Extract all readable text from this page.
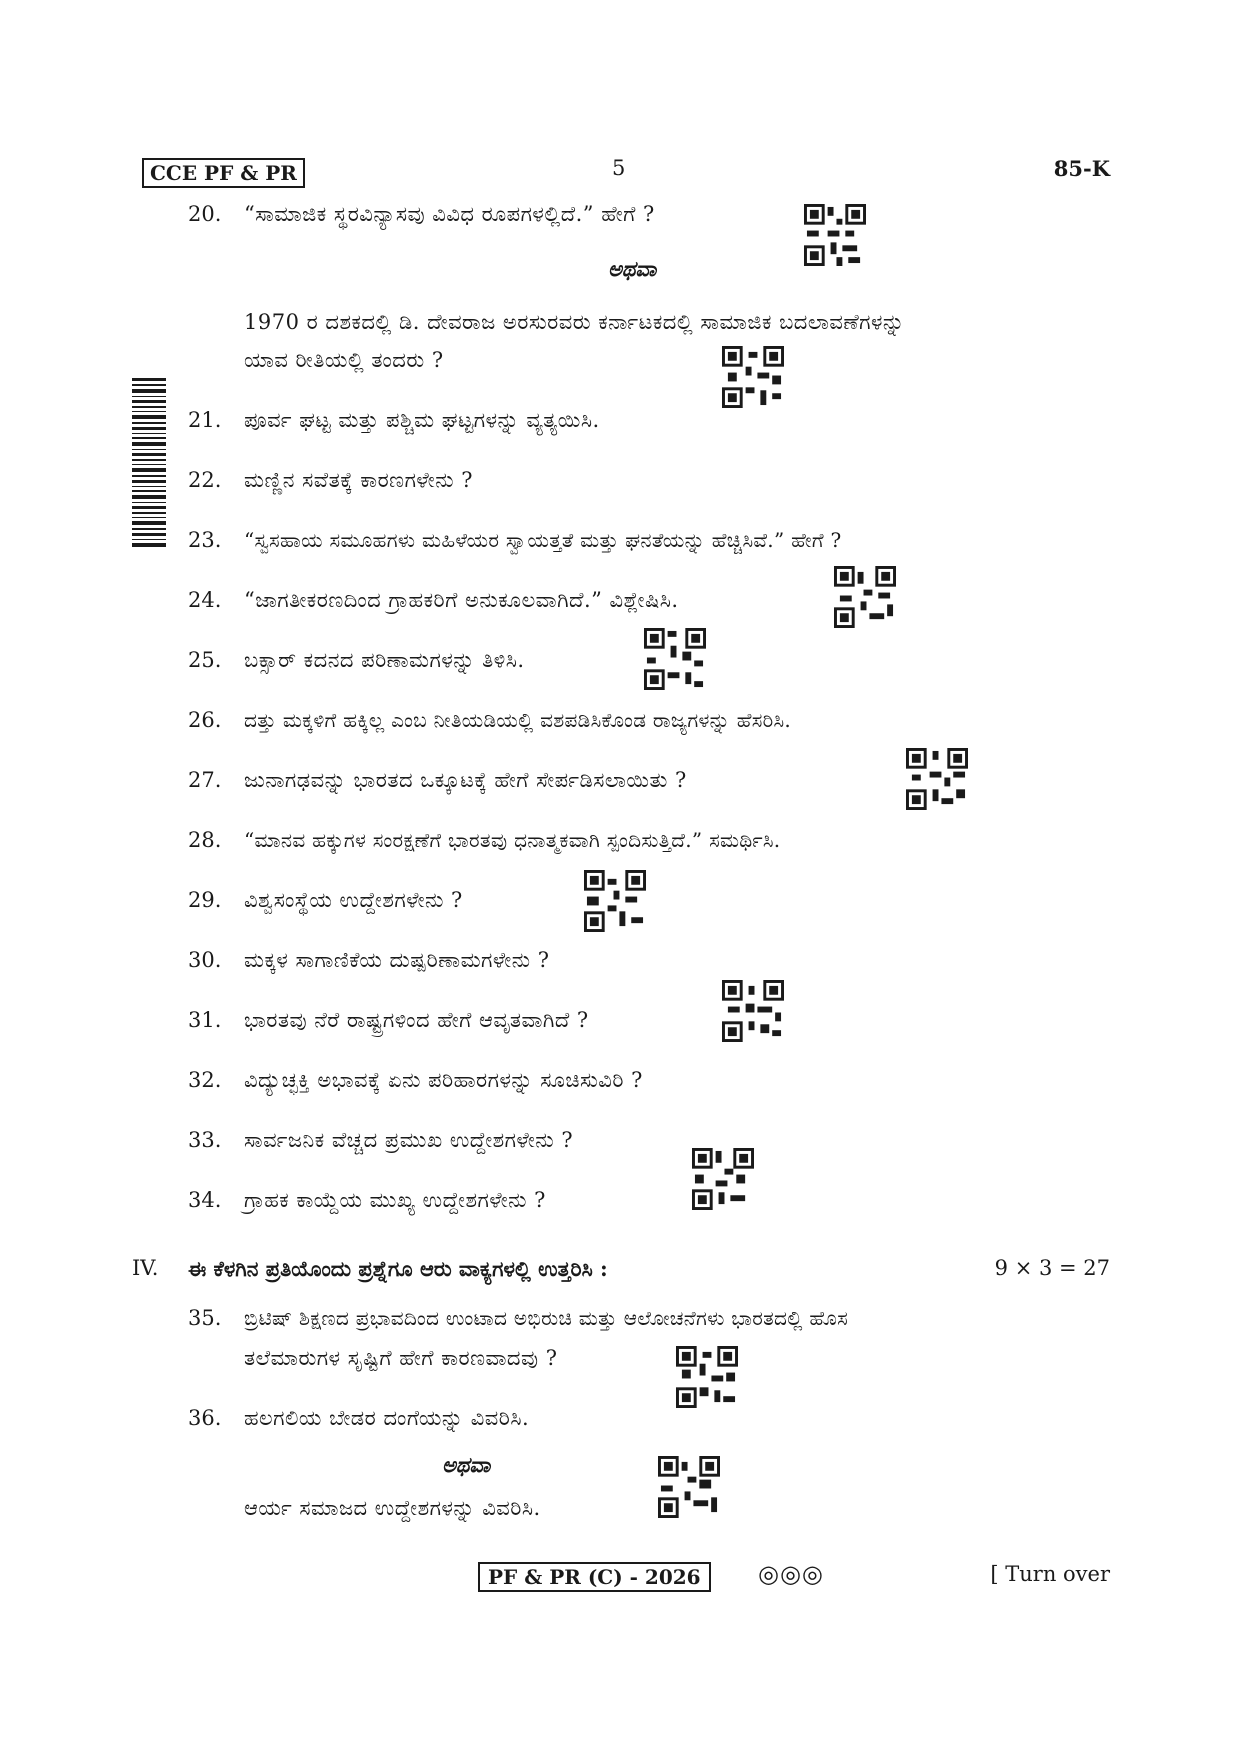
CCE PF & PR	5	85-K
20.	“ಸಾಮಾಜಿಕ ಸ್ಥರವಿನ್ಯಾಸವು ವಿವಿಧ ರೂಪಗಳಲ್ಲಿದೆ.” ಹೇಗೆ ?
ಅಥವಾ
1970 ರ ದಶಕದಲ್ಲಿ ಡಿ. ದೇವರಾಜ ಅರಸುರವರು ಕರ್ನಾಟಕದಲ್ಲಿ ಸಾಮಾಜಿಕ ಬದಲಾವಣೆಗಳನ್ನು
ಯಾವ ರೀತಿಯಲ್ಲಿ ತಂದರು ?
21.	ಪೂರ್ವ ಘಟ್ಟ ಮತ್ತು ಪಶ್ಚಿಮ ಘಟ್ಟಗಳನ್ನು ವ್ಯತ್ಯಯಿಸಿ.
22.	ಮಣ್ಣಿನ ಸವೆತಕ್ಕೆ ಕಾರಣಗಳೇನು ?
23.	“ಸ್ವಸಹಾಯ ಸಮೂಹಗಳು ಮಹಿಳೆಯರ ಸ್ವಾಯತ್ತತೆ ಮತ್ತು ಘನತೆಯನ್ನು ಹೆಚ್ಚಿಸಿವೆ.” ಹೇಗೆ ?
24.	“ಜಾಗತೀಕರಣದಿಂದ ಗ್ರಾಹಕರಿಗೆ ಅನುಕೂಲವಾಗಿದೆ.” ವಿಶ್ಲೇಷಿಸಿ.
25.	ಬಕ್ಸಾರ್ ಕದನದ ಪರಿಣಾಮಗಳನ್ನು ತಿಳಿಸಿ.
26.	ದತ್ತು ಮಕ್ಕಳಿಗೆ ಹಕ್ಕಿಲ್ಲ ಎಂಬ ನೀತಿಯಡಿಯಲ್ಲಿ ವಶಪಡಿಸಿಕೊಂಡ ರಾಜ್ಯಗಳನ್ನು ಹೆಸರಿಸಿ.
27.	ಜುನಾಗಢವನ್ನು ಭಾರತದ ಒಕ್ಕೂಟಕ್ಕೆ ಹೇಗೆ ಸೇರ್ಪಡಿಸಲಾಯಿತು ?
28.	“ಮಾನವ ಹಕ್ಕುಗಳ ಸಂರಕ್ಷಣೆಗೆ ಭಾರತವು ಧನಾತ್ಮಕವಾಗಿ ಸ್ಪಂದಿಸುತ್ತಿದೆ.” ಸಮರ್ಥಿಸಿ.
29.	ವಿಶ್ವಸಂಸ್ಥೆಯ ಉದ್ದೇಶಗಳೇನು ?
30.	ಮಕ್ಕಳ ಸಾಗಾಣಿಕೆಯ ದುಷ್ಪರಿಣಾಮಗಳೇನು ?
31.	ಭಾರತವು ನೆರೆ ರಾಷ್ಟ್ರಗಳಿಂದ ಹೇಗೆ ಆವೃತವಾಗಿದೆ ?
32.	ವಿದ್ಯುಚ್ಛಕ್ತಿ ಅಭಾವಕ್ಕೆ ಏನು ಪರಿಹಾರಗಳನ್ನು ಸೂಚಿಸುವಿರಿ ?
33.	ಸಾರ್ವಜನಿಕ ವೆಚ್ಚದ ಪ್ರಮುಖ ಉದ್ದೇಶಗಳೇನು ?
34.	ಗ್ರಾಹಕ ಕಾಯ್ದೆಯ ಮುಖ್ಯ ಉದ್ದೇಶಗಳೇನು ?
IV. ಈ ಕೆಳಗಿನ ಪ್ರತಿಯೊಂದು ಪ್ರಶ್ನೆಗೂ ಆರು ವಾಕ್ಯಗಳಲ್ಲಿ ಉತ್ತರಿಸಿ :	9 × 3 = 27
35.	ಬ್ರಿಟಿಷ್ ಶಿಕ್ಷಣದ ಪ್ರಭಾವದಿಂದ ಉಂಟಾದ ಅಭಿರುಚಿ ಮತ್ತು ಆಲೋಚನೆಗಳು ಭಾರತದಲ್ಲಿ ಹೊಸ
ತಲೆಮಾರುಗಳ ಸೃಷ್ಟಿಗೆ ಹೇಗೆ ಕಾರಣವಾದವು ?
36.	ಹಲಗಲಿಯ ಬೇಡರ ದಂಗೆಯನ್ನು ವಿವರಿಸಿ.
ಅಥವಾ
ಆರ್ಯ ಸಮಾಜದ ಉದ್ದೇಶಗಳನ್ನು ವಿವರಿಸಿ.
PF & PR (C) - 2026	◎◎◎	[ Turn over
